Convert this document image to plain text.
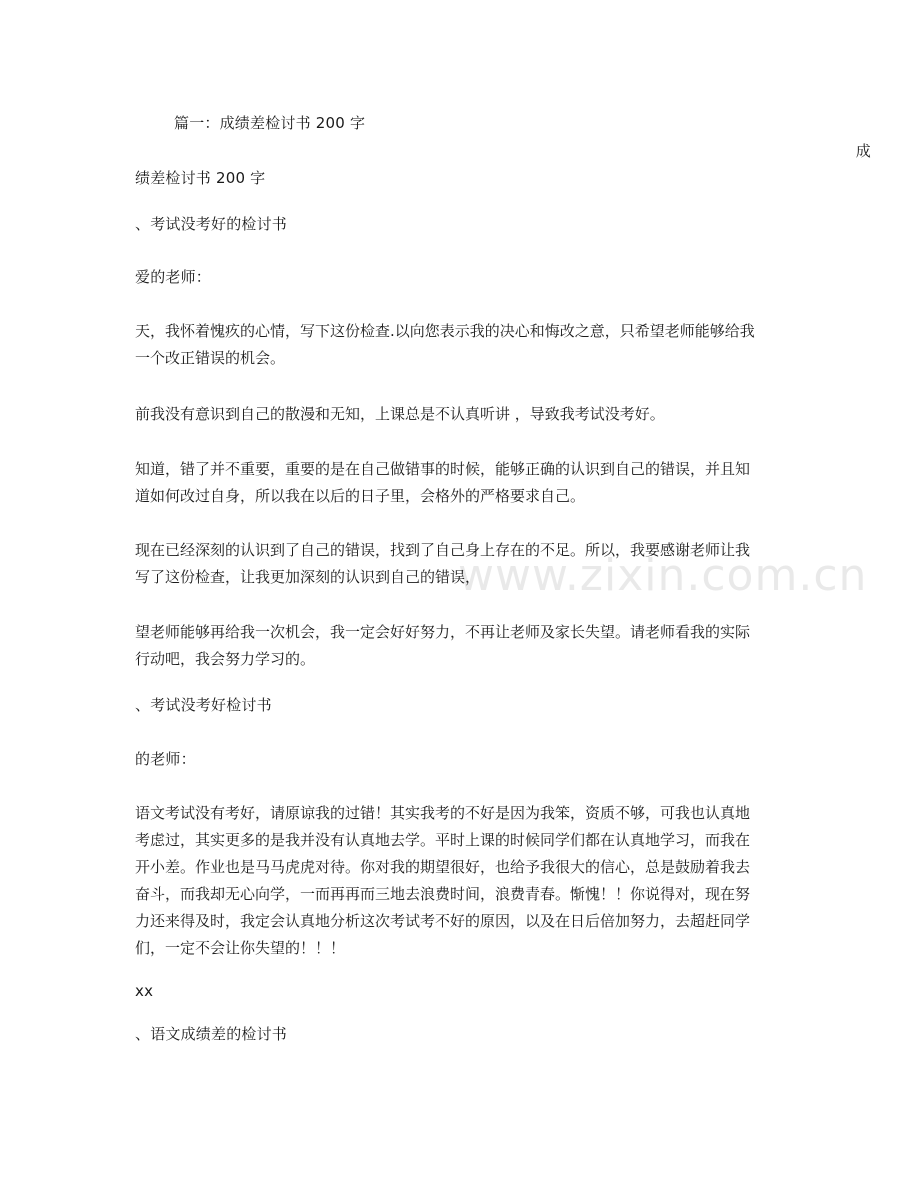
www.zixin.com.cn
篇一：成绩差检讨书 200 字
成
绩差检讨书 200 字
、考试没考好的检讨书
爱的老师：
天，我怀着愧疚的心情，写下这份检查.以向您表示我的决心和悔改之意，只希望老师能够给我
一个改正错误的机会。
前我没有意识到自己的散漫和无知，上课总是不认真听讲 ，导致我考试没考好。
知道，错了并不重要，重要的是在自己做错事的时候，能够正确的认识到自己的错误，并且知
道如何改过自身，所以我在以后的日子里，会格外的严格要求自己。
现在已经深刻的认识到了自己的错误，找到了自己身上存在的不足。所以，我要感谢老师让我
写了这份检查，让我更加深刻的认识到自己的错误，
望老师能够再给我一次机会，我一定会好好努力，不再让老师及家长失望。请老师看我的实际
行动吧，我会努力学习的。
、考试没考好检讨书
的老师：
语文考试没有考好，请原谅我的过错！其实我考的不好是因为我笨，资质不够，可我也认真地
考虑过，其实更多的是我并没有认真地去学。平时上课的时候同学们都在认真地学习，而我在
开小差。作业也是马马虎虎对待。你对我的期望很好，也给予我很大的信心，总是鼓励着我去
奋斗，而我却无心向学，一而再再而三地去浪费时间，浪费青春。惭愧！！你说得对，现在努
力还来得及时，我定会认真地分析这次考试考不好的原因，以及在日后倍加努力，去超赶同学
们，一定不会让你失望的！！！
xx
、语文成绩差的检讨书
